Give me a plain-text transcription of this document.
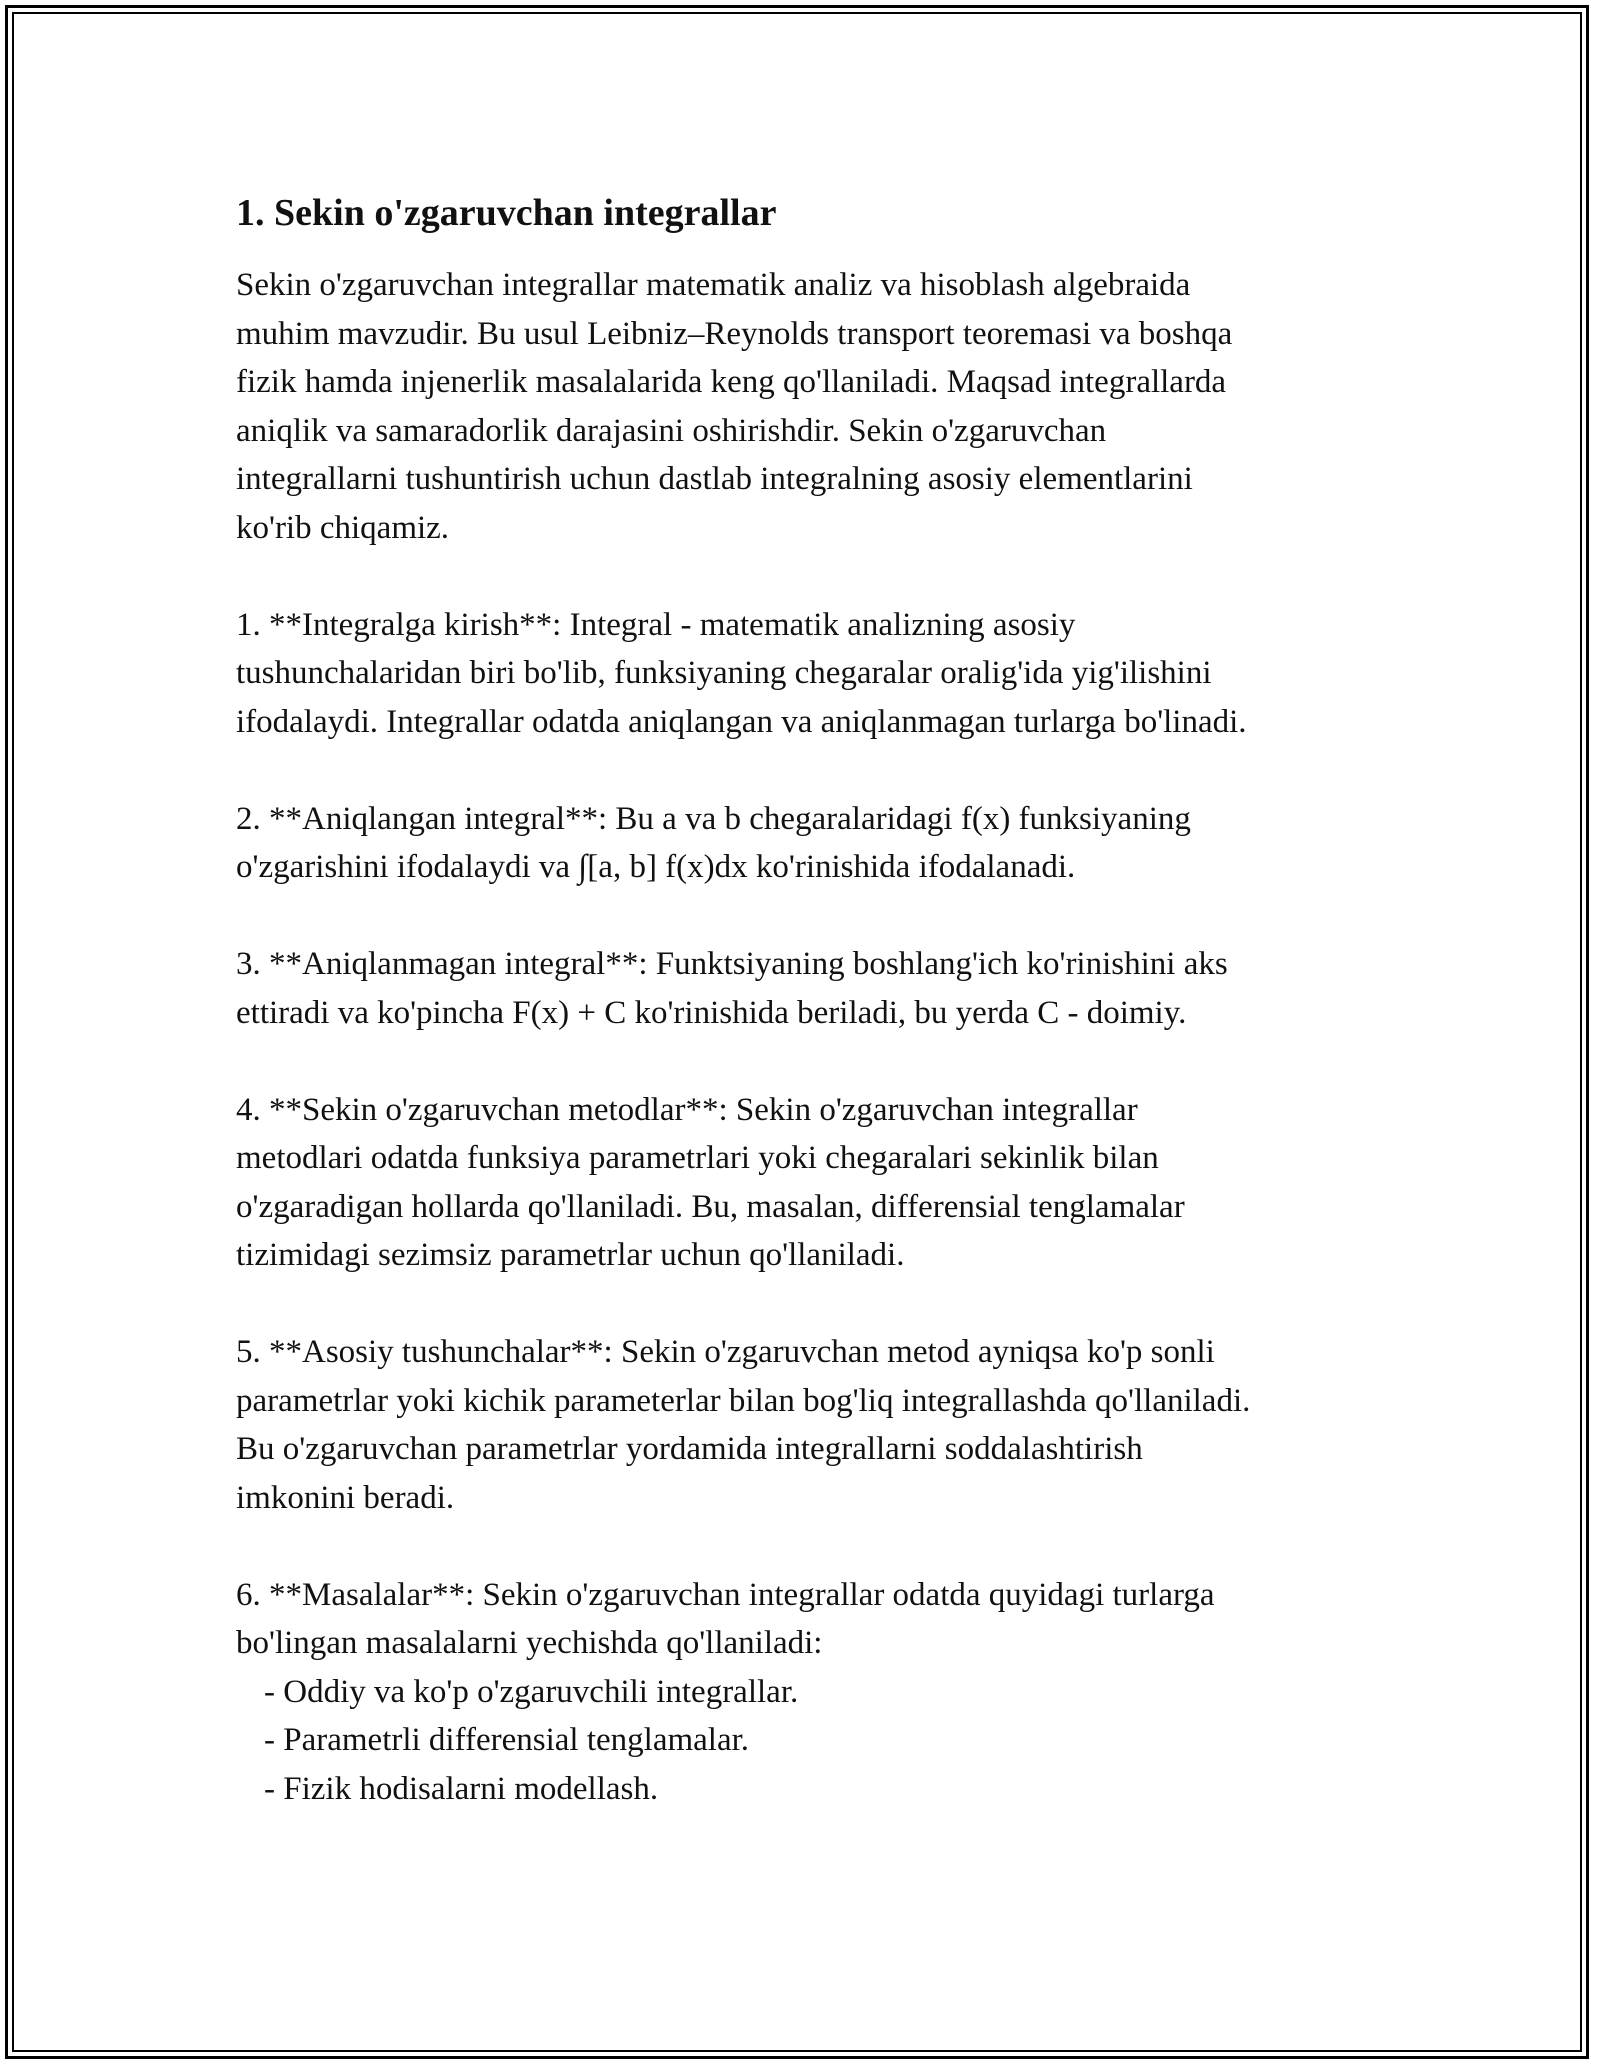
1. Sekin o'zgaruvchan integrallar

Sekin o'zgaruvchan integrallar matematik analiz va hisoblash algebraida
muhim mavzudir. Bu usul Leibniz–Reynolds transport teoremasi va boshqa
fizik hamda injenerlik masalalarida keng qo'llaniladi. Maqsad integrallarda
aniqlik va samaradorlik darajasini oshirishdir. Sekin o'zgaruvchan
integrallarni tushuntirish uchun dastlab integralning asosiy elementlarini
ko'rib chiqamiz.

1. **Integralga kirish**: Integral - matematik analizning asosiy
tushunchalaridan biri bo'lib, funksiyaning chegaralar oralig'ida yig'ilishini
ifodalaydi. Integrallar odatda aniqlangan va aniqlanmagan turlarga bo'linadi.

2. **Aniqlangan integral**: Bu a va b chegaralaridagi f(x) funksiyaning
o'zgarishini ifodalaydi va ∫[a, b] f(x)dx ko'rinishida ifodalanadi.

3. **Aniqlanmagan integral**: Funktsiyaning boshlang'ich ko'rinishini aks
ettiradi va ko'pincha F(x) + C ko'rinishida beriladi, bu yerda C - doimiy.

4. **Sekin o'zgaruvchan metodlar**: Sekin o'zgaruvchan integrallar
metodlari odatda funksiya parametrlari yoki chegaralari sekinlik bilan
o'zgaradigan hollarda qo'llaniladi. Bu, masalan, differensial tenglamalar
tizimidagi sezimsiz parametrlar uchun qo'llaniladi.

5. **Asosiy tushunchalar**: Sekin o'zgaruvchan metod ayniqsa ko'p sonli
parametrlar yoki kichik parameterlar bilan bog'liq integrallashda qo'llaniladi.
Bu o'zgaruvchan parametrlar yordamida integrallarni soddalashtirish
imkonini beradi.

6. **Masalalar**: Sekin o'zgaruvchan integrallar odatda quyidagi turlarga
bo'lingan masalalarni yechishda qo'llaniladi:

- Oddiy va ko'p o'zgaruvchili integrallar.
- Parametrli differensial tenglamalar.
- Fizik hodisalarni modellash.
